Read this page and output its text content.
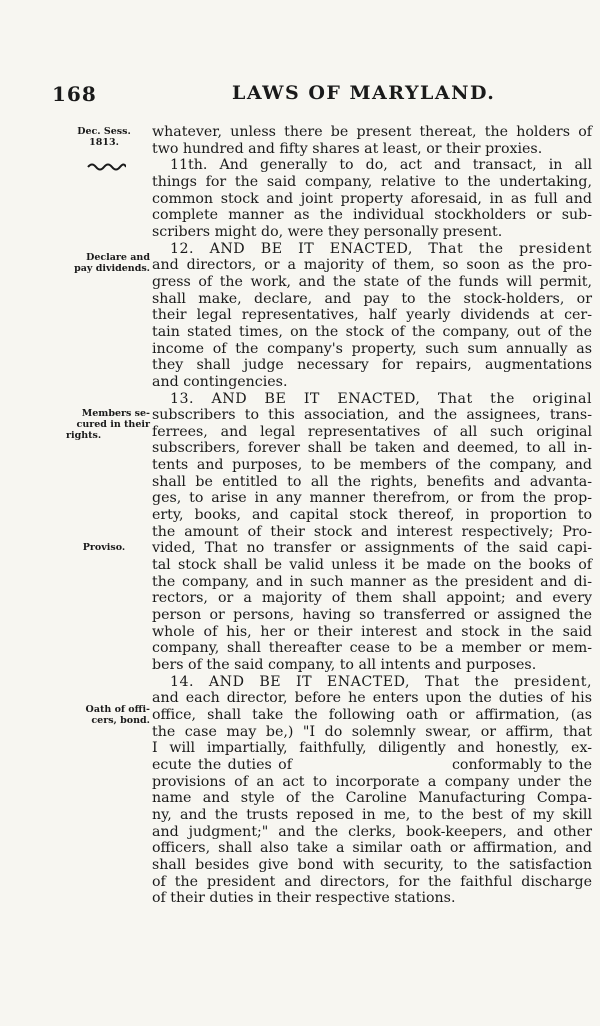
168	LAWS OF MARYLAND.
Dec. Sess.
1813.
Declare and
pay dividends.
Members se-
cured in their
rights.
Proviso.
Oath of offi-
cers, bond.
whatever, unless there be present thereat, the holders of
two hundred and fifty shares at least, or their proxies.
11th. And generally to do, act and transact, in all
things for the said company, relative to the undertaking,
common stock and joint property aforesaid, in as full and
complete manner as the individual stockholders or sub-
scribers might do, were they personally present.
12. AND BE IT ENACTED, That the president
and directors, or a majority of them, so soon as the pro-
gress of the work, and the state of the funds will permit,
shall make, declare, and pay to the stock-holders, or
their legal representatives, half yearly dividends at cer-
tain stated times, on the stock of the company, out of the
income of the company's property, such sum annually as
they shall judge necessary for repairs, augmentations
and contingencies.
13. AND BE IT ENACTED, That the original
subscribers to this association, and the assignees, trans-
ferrees, and legal representatives of all such original
subscribers, forever shall be taken and deemed, to all in-
tents and purposes, to be members of the company, and
shall be entitled to all the rights, benefits and advanta-
ges, to arise in any manner therefrom, or from the prop-
erty, books, and capital stock thereof, in proportion to
the amount of their stock and interest respectively; Pro-
vided, That no transfer or assignments of the said capi-
tal stock shall be valid unless it be made on the books of
the company, and in such manner as the president and di-
rectors, or a majority of them shall appoint; and every
person or persons, having so transferred or assigned the
whole of his, her or their interest and stock in the said
company, shall thereafter cease to be a member or mem-
bers of the said company, to all intents and purposes.
14. AND BE IT ENACTED, That the president,
and each director, before he enters upon the duties of his
office, shall take the following oath or affirmation, (as
the case may be,) "I do solemnly swear, or affirm, that
I will impartially, faithfully, diligently and honestly, ex-
ecute the duties of                         conformably to the
provisions of an act to incorporate a company under the
name and style of the Caroline Manufacturing Compa-
ny, and the trusts reposed in me, to the best of my skill
and judgment;" and the clerks, book-keepers, and other
officers, shall also take a similar oath or affirmation, and
shall besides give bond with security, to the satisfaction
of the president and directors, for the faithful discharge
of their duties in their respective stations.
